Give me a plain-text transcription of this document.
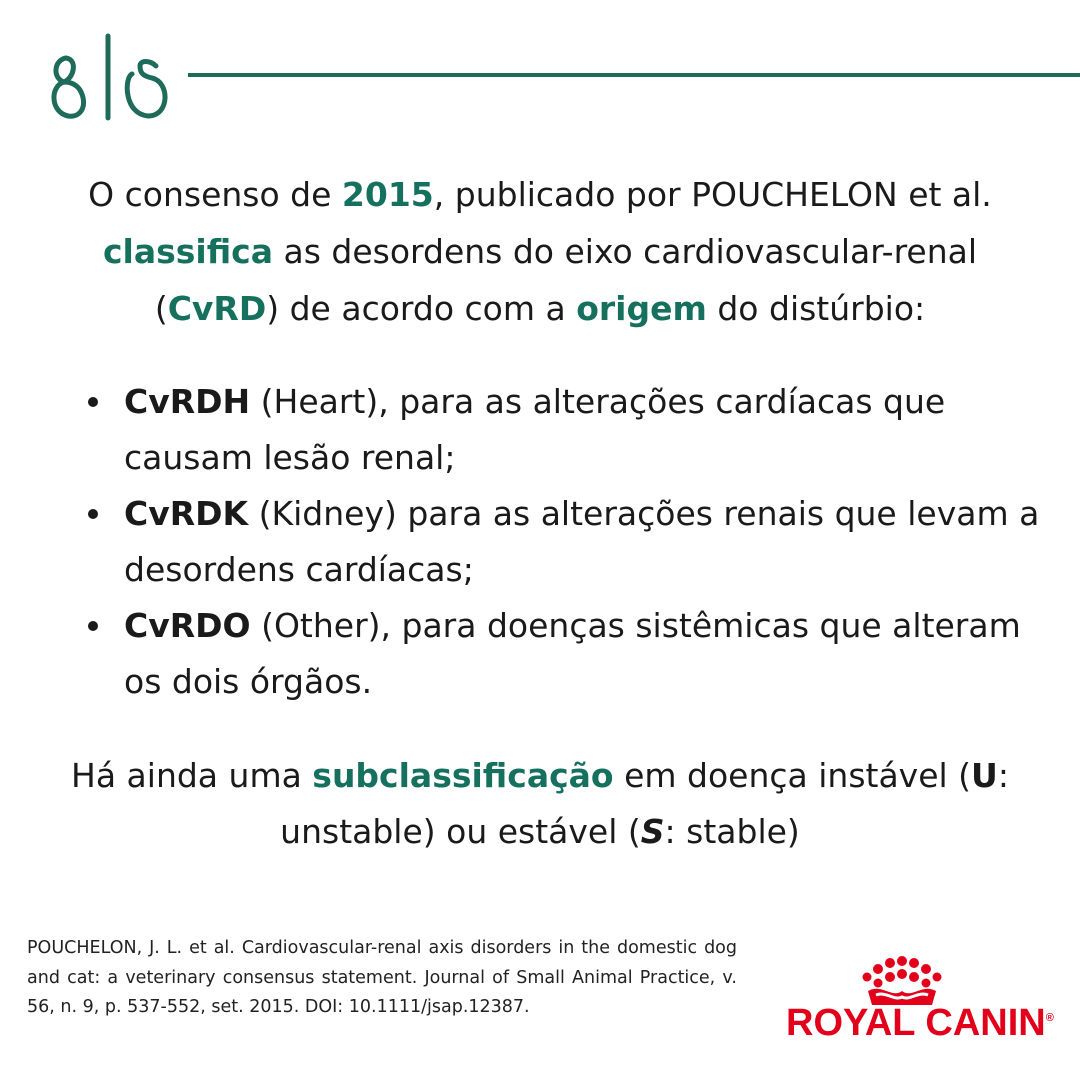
O consenso de 2015, publicado por POUCHELON et al. classifica as desordens do eixo cardiovascular-renal (CvRD) de acordo com a origem do distúrbio:
CvRDH (Heart), para as alterações cardíacas que causam lesão renal;
CvRDK (Kidney) para as alterações renais que levam a desordens cardíacas;
CvRDO (Other), para doenças sistêmicas que alteram os dois órgãos.
Há ainda uma subclassificação em doença instável (U: unstable) ou estável (S: stable)
POUCHELON, J. L. et al. Cardiovascular-renal axis disorders in the domestic dog and cat: a veterinary consensus statement. Journal of Small Animal Practice, v. 56, n. 9, p. 537-552, set. 2015. DOI: 10.1111/jsap.12387.	ROYAL CANIN®
